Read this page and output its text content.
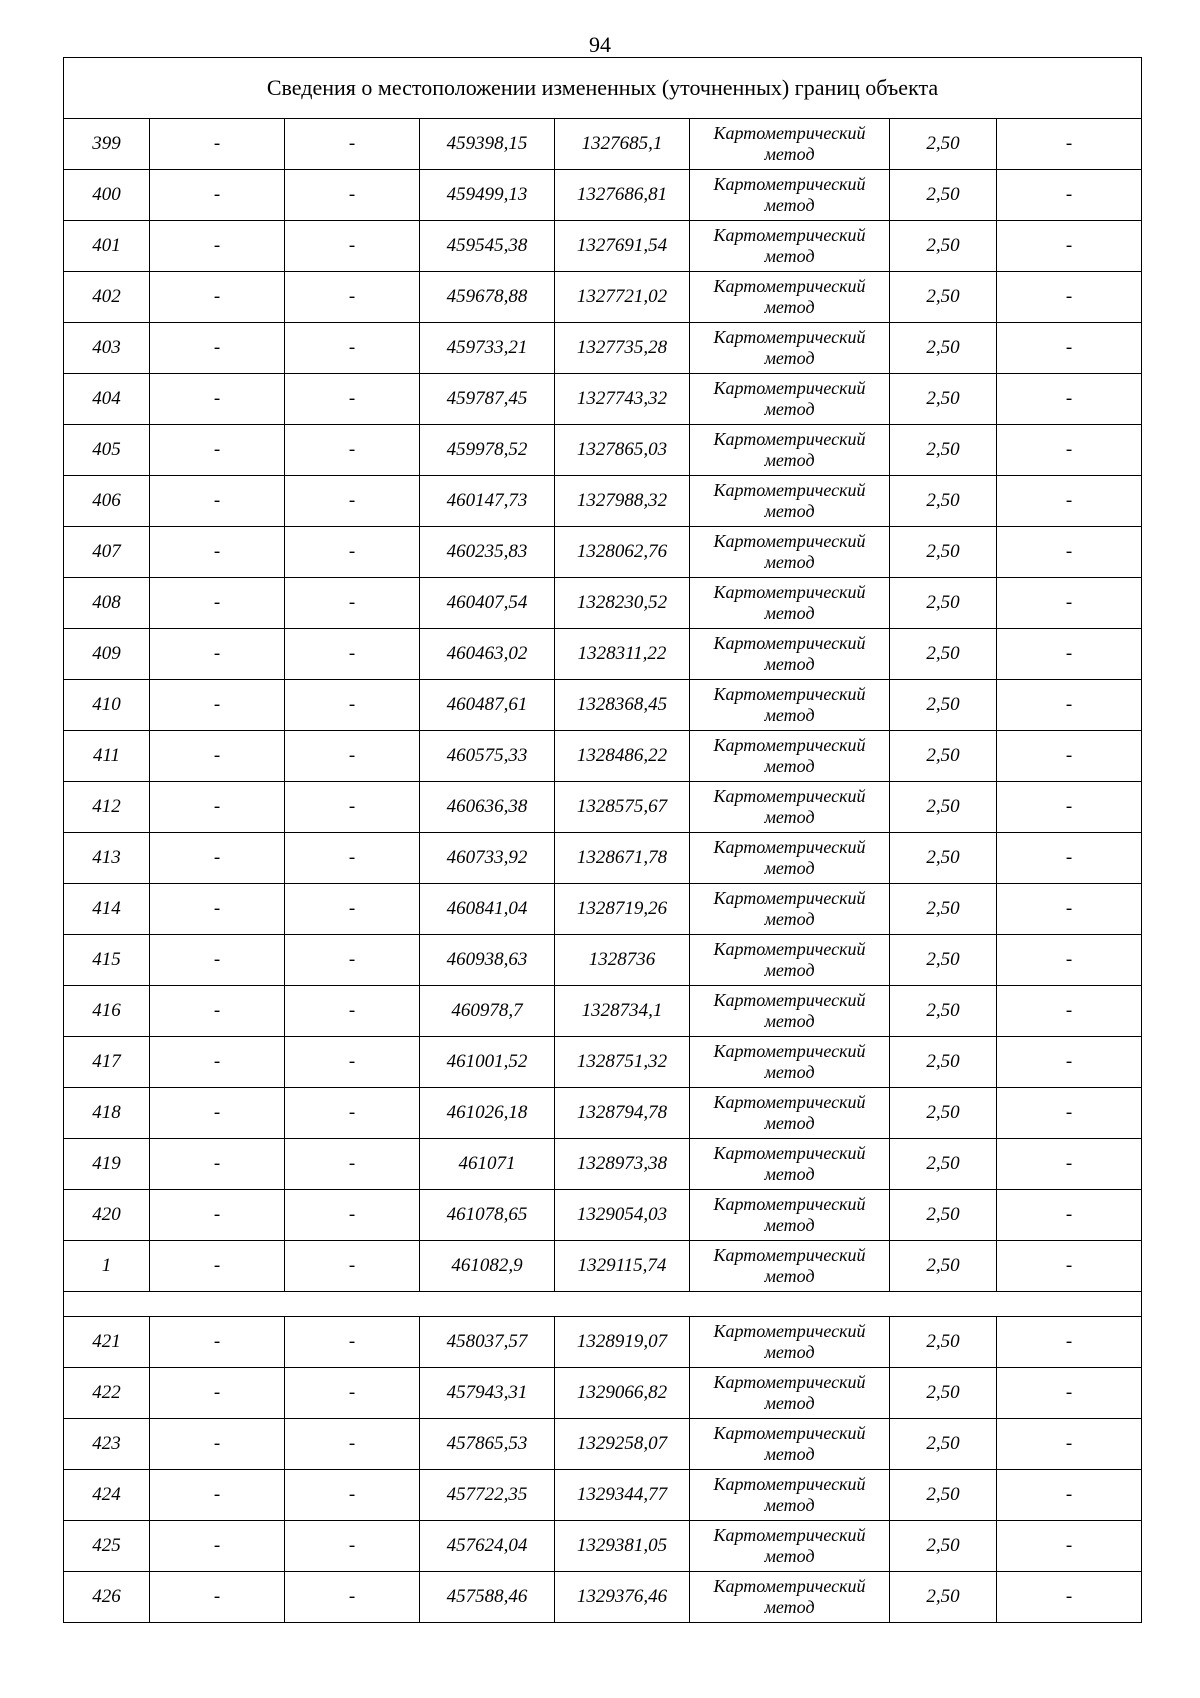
94
Сведения о местоположении измененных (уточненных) границ объекта							
399	-	-	459398,15	1327685,1	Картометрический метод	2,50	-
400	-	-	459499,13	1327686,81	Картометрический метод	2,50	-
401	-	-	459545,38	1327691,54	Картометрический метод	2,50	-
402	-	-	459678,88	1327721,02	Картометрический метод	2,50	-
403	-	-	459733,21	1327735,28	Картометрический метод	2,50	-
404	-	-	459787,45	1327743,32	Картометрический метод	2,50	-
405	-	-	459978,52	1327865,03	Картометрический метод	2,50	-
406	-	-	460147,73	1327988,32	Картометрический метод	2,50	-
407	-	-	460235,83	1328062,76	Картометрический метод	2,50	-
408	-	-	460407,54	1328230,52	Картометрический метод	2,50	-
409	-	-	460463,02	1328311,22	Картометрический метод	2,50	-
410	-	-	460487,61	1328368,45	Картометрический метод	2,50	-
411	-	-	460575,33	1328486,22	Картометрический метод	2,50	-
412	-	-	460636,38	1328575,67	Картометрический метод	2,50	-
413	-	-	460733,92	1328671,78	Картометрический метод	2,50	-
414	-	-	460841,04	1328719,26	Картометрический метод	2,50	-
415	-	-	460938,63	1328736	Картометрический метод	2,50	-
416	-	-	460978,7	1328734,1	Картометрический метод	2,50	-
417	-	-	461001,52	1328751,32	Картометрический метод	2,50	-
418	-	-	461026,18	1328794,78	Картометрический метод	2,50	-
419	-	-	461071	1328973,38	Картометрический метод	2,50	-
420	-	-	461078,65	1329054,03	Картометрический метод	2,50	-
1	-	-	461082,9	1329115,74	Картометрический метод	2,50	-

421	-	-	458037,57	1328919,07	Картометрический метод	2,50	-
422	-	-	457943,31	1329066,82	Картометрический метод	2,50	-
423	-	-	457865,53	1329258,07	Картометрический метод	2,50	-
424	-	-	457722,35	1329344,77	Картометрический метод	2,50	-
425	-	-	457624,04	1329381,05	Картометрический метод	2,50	-
426	-	-	457588,46	1329376,46	Картометрический метод	2,50	-
